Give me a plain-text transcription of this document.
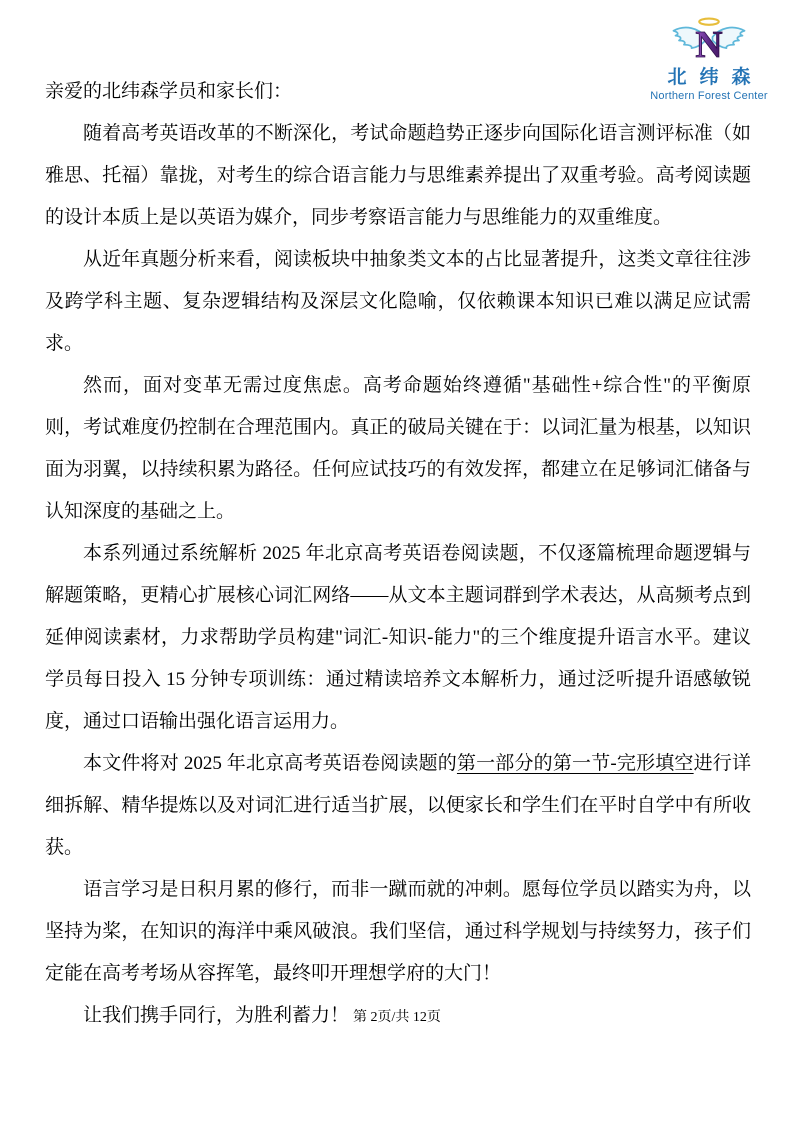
N
北纬森
Northern Forest Center

亲爱的北纬森学员和家长们：

随着高考英语改革的不断深化，考试命题趋势正逐步向国际化语言测评标准（如雅思、托福）靠拢，对考生的综合语言能力与思维素养提出了双重考验。高考阅读题的设计本质上是以英语为媒介，同步考察语言能力与思维能力的双重维度。

从近年真题分析来看，阅读板块中抽象类文本的占比显著提升，这类文章往往涉及跨学科主题、复杂逻辑结构及深层文化隐喻，仅依赖课本知识已难以满足应试需求。

然而，面对变革无需过度焦虑。高考命题始终遵循"基础性+综合性"的平衡原则，考试难度仍控制在合理范围内。真正的破局关键在于：以词汇量为根基，以知识面为羽翼，以持续积累为路径。任何应试技巧的有效发挥，都建立在足够词汇储备与认知深度的基础之上。

本系列通过系统解析 2025 年北京高考英语卷阅读题，不仅逐篇梳理命题逻辑与解题策略，更精心扩展核心词汇网络——从文本主题词群到学术表达，从高频考点到延伸阅读素材，力求帮助学员构建"词汇-知识-能力"的三个维度提升语言水平。建议学员每日投入 15 分钟专项训练：通过精读培养文本解析力，通过泛听提升语感敏锐度，通过口语输出强化语言运用力。

本文件将对 2025 年北京高考英语卷阅读题的第一部分的第一节-完形填空进行详细拆解、精华提炼以及对词汇进行适当扩展，以便家长和学生们在平时自学中有所收获。

语言学习是日积月累的修行，而非一蹴而就的冲刺。愿每位学员以踏实为舟，以坚持为桨，在知识的海洋中乘风破浪。我们坚信，通过科学规划与持续努力，孩子们定能在高考考场从容挥笔，最终叩开理想学府的大门！

让我们携手同行，为胜利蓄力！ 第 2页/共 12页
